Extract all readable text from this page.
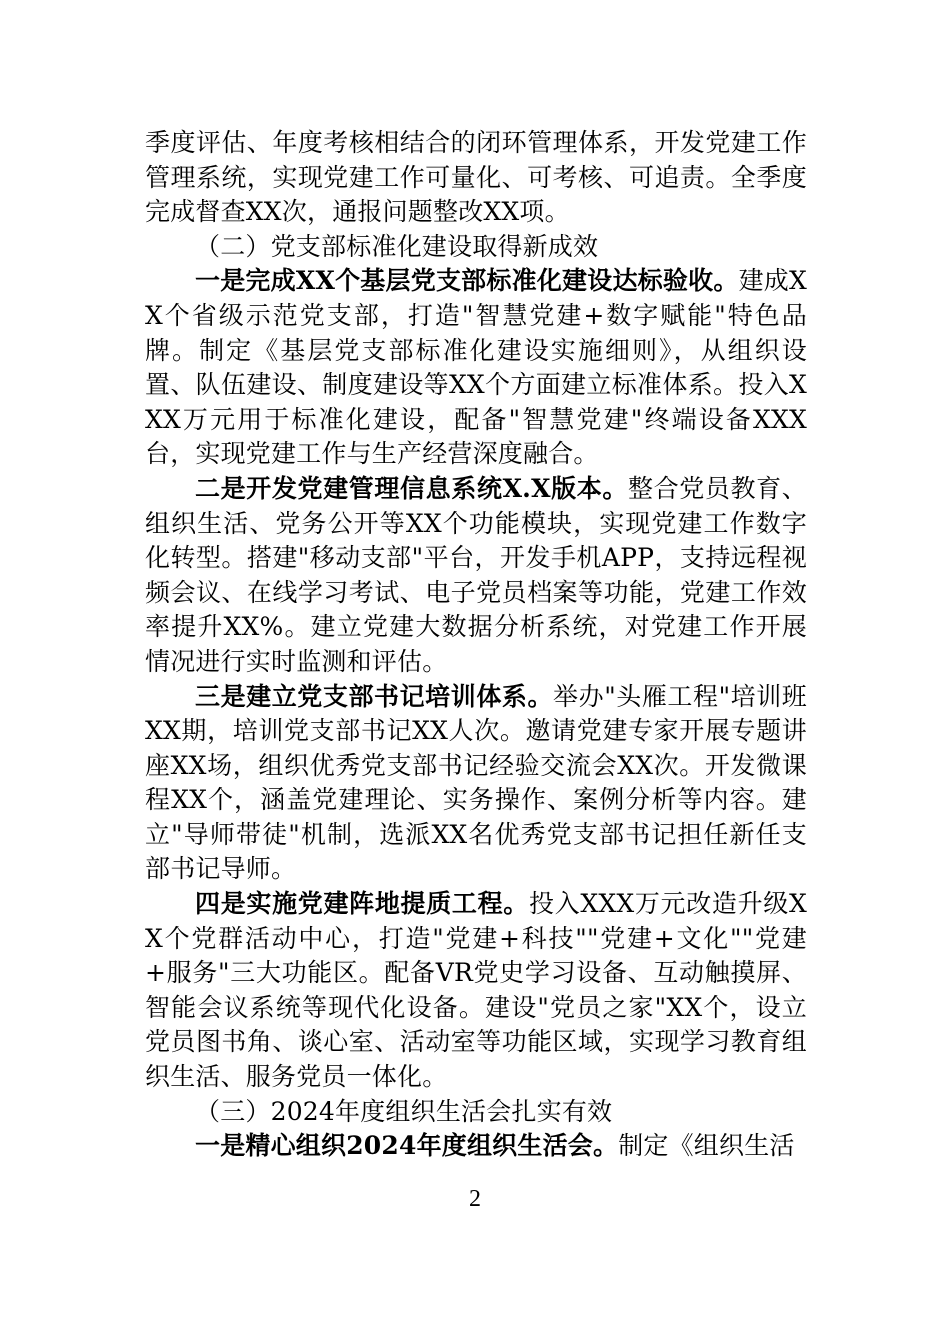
季度评估、年度考核相结合的闭环管理体系，开发党建工作管理系统，实现党建工作可量化、可考核、可追责。全季度完成督查XX次，通报问题整改XX项。

（二）党支部标准化建设取得新成效

一是完成XX个基层党支部标准化建设达标验收。建成XX个省级示范党支部，打造"智慧党建+数字赋能"特色品牌。制定《基层党支部标准化建设实施细则》，从组织设置、队伍建设、制度建设等XX个方面建立标准体系。投入XXX万元用于标准化建设，配备"智慧党建"终端设备XXX台，实现党建工作与生产经营深度融合。

二是开发党建管理信息系统X.X版本。整合党员教育、组织生活、党务公开等XX个功能模块，实现党建工作数字化转型。搭建"移动支部"平台，开发手机APP，支持远程视频会议、在线学习考试、电子党员档案等功能，党建工作效率提升XX%。建立党建大数据分析系统，对党建工作开展情况进行实时监测和评估。

三是建立党支部书记培训体系。举办"头雁工程"培训班XX期，培训党支部书记XX人次。邀请党建专家开展专题讲座XX场，组织优秀党支部书记经验交流会XX次。开发微课程XX个，涵盖党建理论、实务操作、案例分析等内容。建立"导师带徒"机制，选派XX名优秀党支部书记担任新任支部书记导师。

四是实施党建阵地提质工程。投入XXX万元改造升级XX个党群活动中心，打造"党建+科技""党建+文化""党建+服务"三大功能区。配备VR党史学习设备、互动触摸屏、智能会议系统等现代化设备。建设"党员之家"XX个，设立党员图书角、谈心室、活动室等功能区域，实现学习教育组织生活、服务党员一体化。

（三）2024年度组织生活会扎实有效

一是精心组织2024年度组织生活会。制定《组织生活

2
